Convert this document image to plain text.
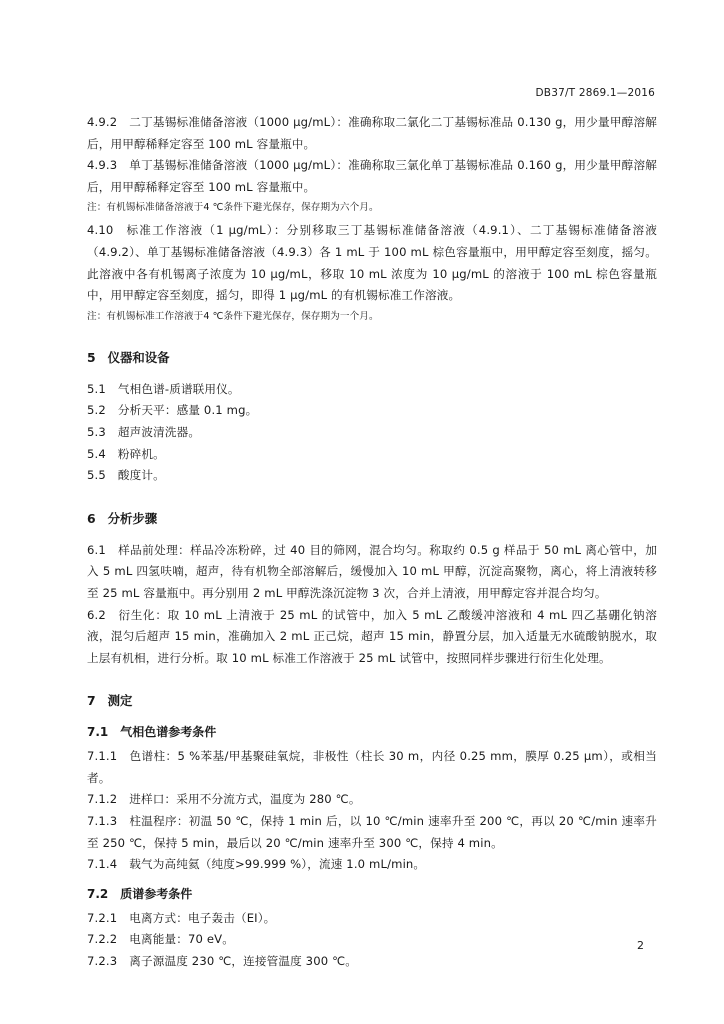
DB37/T 2869.1—2016
4.9.2 二丁基锡标准储备溶液（1000 μg/mL）：准确称取二氯化二丁基锡标准品 0.130 g，用少量甲醇溶解后，用甲醇稀释定容至 100 mL 容量瓶中。
4.9.3 单丁基锡标准储备溶液（1000 μg/mL）：准确称取三氯化单丁基锡标准品 0.160 g，用少量甲醇溶解后，用甲醇稀释定容至 100 mL 容量瓶中。
注：有机锡标准储备溶液于4 ℃条件下避光保存，保存期为六个月。
4.10 标准工作溶液（1 μg/mL）：分别移取三丁基锡标准储备溶液（4.9.1）、二丁基锡标准储备溶液（4.9.2）、单丁基锡标准储备溶液（4.9.3）各 1 mL 于 100 mL 棕色容量瓶中，用甲醇定容至刻度，摇匀。此溶液中各有机锡离子浓度为 10 μg/mL，移取 10 mL 浓度为 10 μg/mL 的溶液于 100 mL 棕色容量瓶中，用甲醇定容至刻度，摇匀，即得 1 μg/mL 的有机锡标准工作溶液。
注：有机锡标准工作溶液于4 ℃条件下避光保存，保存期为一个月。
5 仪器和设备
5.1 气相色谱-质谱联用仪。
5.2 分析天平：感量 0.1 mg。
5.3 超声波清洗器。
5.4 粉碎机。
5.5 酸度计。
6 分析步骤
6.1 样品前处理：样品冷冻粉碎，过 40 目的筛网，混合均匀。称取约 0.5 g 样品于 50 mL 离心管中，加入 5 mL 四氢呋喃，超声，待有机物全部溶解后，缓慢加入 10 mL 甲醇，沉淀高聚物，离心，将上清液转移至 25 mL 容量瓶中。再分别用 2 mL 甲醇洗涤沉淀物 3 次，合并上清液，用甲醇定容并混合均匀。
6.2 衍生化：取 10 mL 上清液于 25 mL 的试管中，加入 5 mL 乙酸缓冲溶液和 4 mL 四乙基硼化钠溶液，混匀后超声 15 min，准确加入 2 mL 正己烷，超声 15 min，静置分层，加入适量无水硫酸钠脱水，取上层有机相，进行分析。取 10 mL 标准工作溶液于 25 mL 试管中，按照同样步骤进行衍生化处理。
7 测定
7.1 气相色谱参考条件
7.1.1 色谱柱：5 %苯基/甲基聚硅氧烷，非极性（柱长 30 m，内径 0.25 mm，膜厚 0.25 μm），或相当者。
7.1.2 进样口：采用不分流方式，温度为 280 ℃。
7.1.3 柱温程序：初温 50 ℃，保持 1 min 后，以 10 ℃/min 速率升至 200 ℃，再以 20 ℃/min 速率升至 250 ℃，保持 5 min，最后以 20 ℃/min 速率升至 300 ℃，保持 4 min。
7.1.4 载气为高纯氦（纯度>99.999 %），流速 1.0 mL/min。
7.2 质谱参考条件
7.2.1 电离方式：电子轰击（EI）。
7.2.2 电离能量：70 eV。
7.2.3 离子源温度 230 ℃，连接管温度 300 ℃。
2
